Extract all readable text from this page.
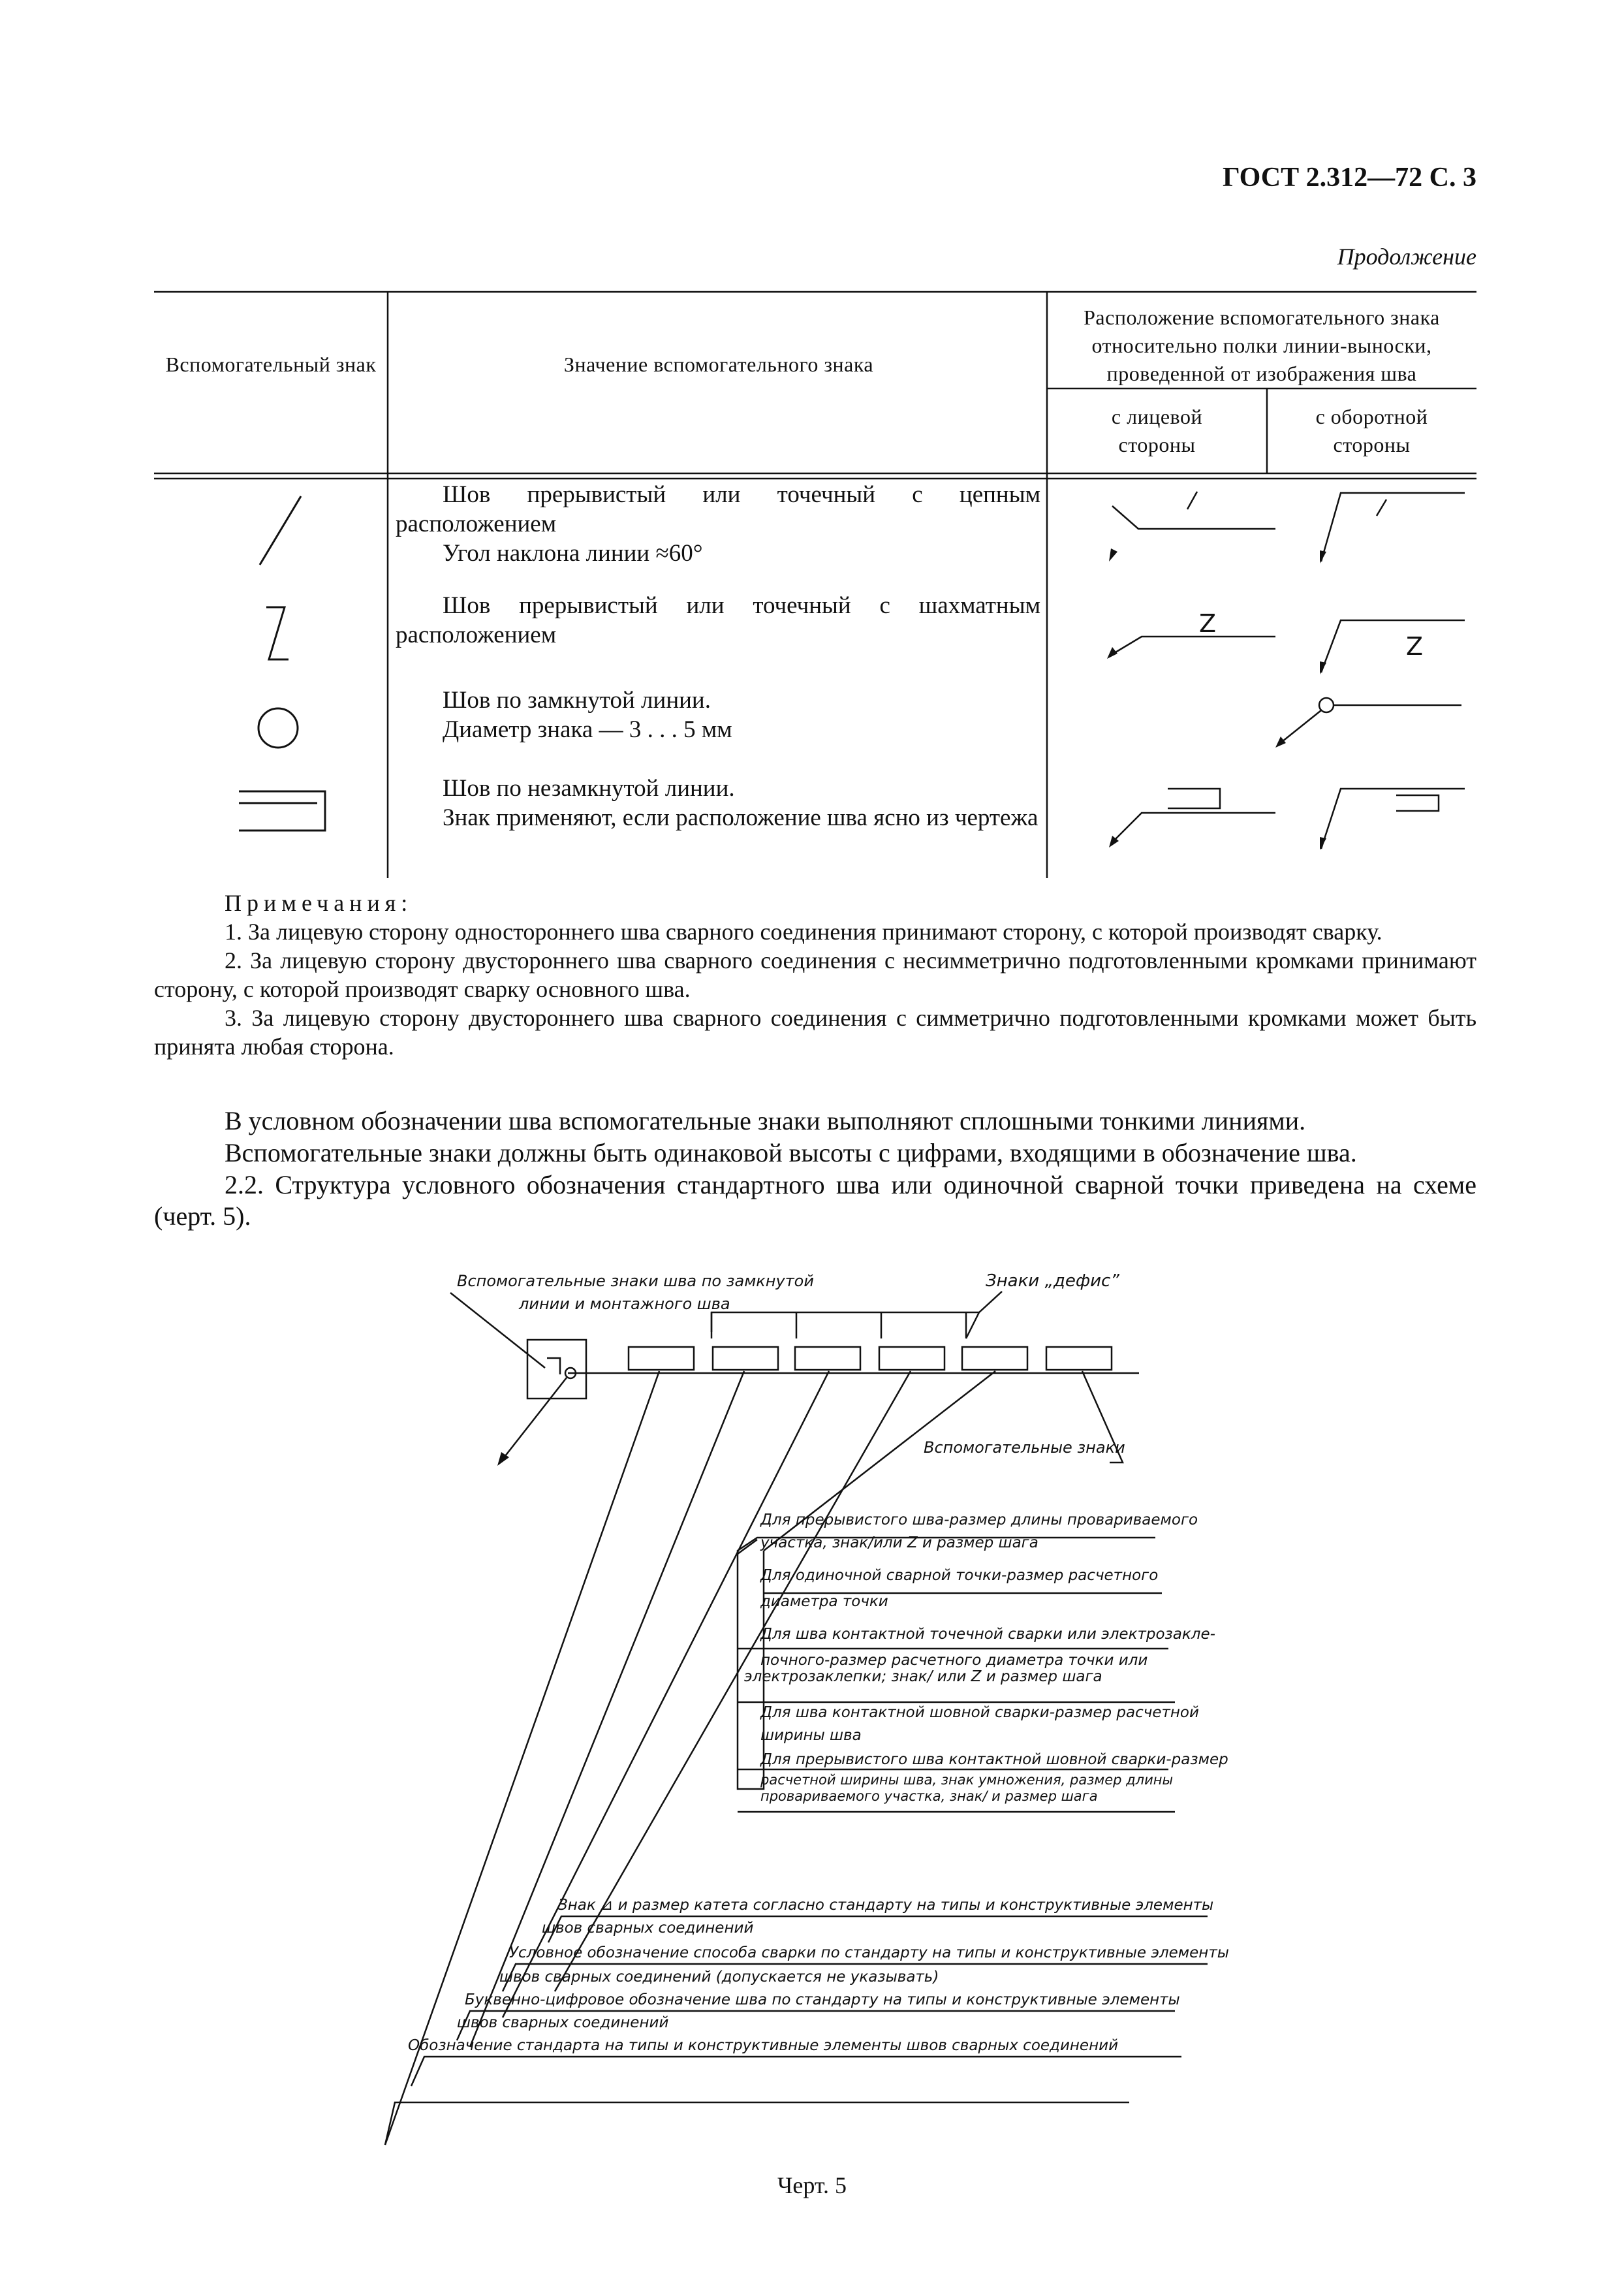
ГОСТ 2.312—72 С. 3
Продолжение
Вспомогательный знак	Значение вспомогательного знака
Расположение вспомогательного знака относительно полки линии-выноски, проведенной от изображения шва
с лицевой стороны
с оборотной стороны

Шов прерывистый или точечный с цепным расположением

Угол наклона линии ≈60°

Шов прерывистый или точечный с шахматным расположением	Z
Z

Шов по замкнутой линии.

Диаметр знака — 3 . . . 5 мм

Шов по незамкнутой линии.

Знак применяют, если расположение шва ясно из чертежа

Примечания:

1. За лицевую сторону одностороннего шва сварного соединения принимают сторону, с которой производят сварку.

2. За лицевую сторону двустороннего шва сварного соединения с несимметрично подготовленными кромками принимают сторону, с которой производят сварку основного шва.

3. За лицевую сторону двустороннего шва сварного соединения с симметрично подготовленными кромками может быть принята любая сторона.

В условном обозначении шва вспомогательные знаки выполняют сплошными тонкими линиями.

Вспомогательные знаки должны быть одинаковой высоты с цифрами, входящими в обозначение шва.

2.2. Структура условного обозначения стандартного шва или одиночной сварной точки приведена на схеме (черт. 5).

Вспомогательные знаки шва по замкнутой
линии и монтажного шва
Знаки „дефис”
Вспомогательные знаки
Для прерывистого шва-размер длины провариваемого
участка, знак/или Z и размер шага
Для одиночной сварной точки-размер расчетного
диаметра точки
Для шва контактной точечной сварки или электрозакле-
почного-размер расчетного диаметра точки или
электрозаклепки; знак/ или Z и размер шага
Для шва контактной шовной сварки-размер расчетной
ширины шва
Для прерывистого шва контактной шовной сварки-размер
расчетной ширины шва, знак умножения, размер длины
провариваемого участка, знак/ и размер шага
Знак ⊿ и размер катета согласно стандарту на типы и конструктивные элементы
швов сварных соединений
Условное обозначение способа сварки по стандарту на типы и конструктивные элементы
швов сварных соединений (допускается не указывать)
Буквенно-цифровое обозначение шва по стандарту на типы и конструктивные элементы
швов сварных соединений
Обозначение стандарта на типы и конструктивные элементы швов сварных соединений
Черт. 5
